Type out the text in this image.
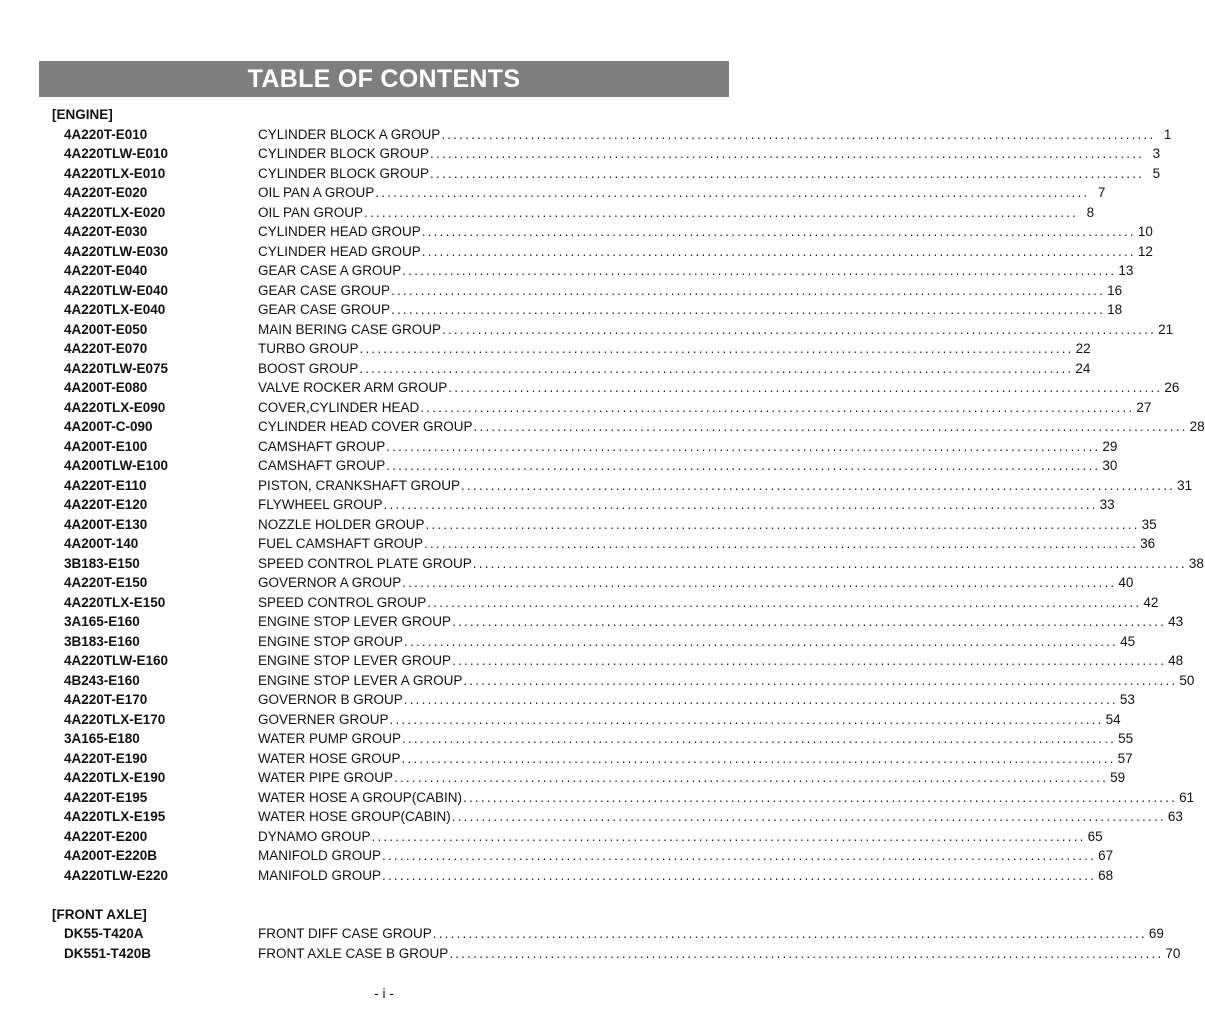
TABLE OF CONTENTS
[ENGINE]
4A220T-E010	CYLINDER BLOCK A GROUP ........................................................................................................................ 1
4A220TLW-E010	CYLINDER BLOCK GROUP ........................................................................................................................ 3
4A220TLX-E010	CYLINDER BLOCK GROUP ........................................................................................................................ 5
4A220T-E020	OIL PAN A GROUP ........................................................................................................................ 7
4A220TLX-E020	OIL PAN GROUP ........................................................................................................................ 8
4A220T-E030	CYLINDER HEAD GROUP ........................................................................................................................ 10
4A220TLW-E030	CYLINDER HEAD GROUP ........................................................................................................................ 12
4A220T-E040	GEAR CASE A GROUP ........................................................................................................................ 13
4A220TLW-E040	GEAR CASE GROUP ........................................................................................................................ 16
4A220TLX-E040	GEAR CASE GROUP ........................................................................................................................ 18
4A200T-E050	MAIN BERING CASE GROUP ........................................................................................................................ 21
4A220T-E070	TURBO GROUP ........................................................................................................................ 22
4A220TLW-E075	BOOST GROUP ........................................................................................................................ 24
4A200T-E080	VALVE ROCKER ARM GROUP ........................................................................................................................ 26
4A220TLX-E090	COVER,CYLINDER HEAD ........................................................................................................................ 27
4A200T-C-090	CYLINDER HEAD COVER GROUP ........................................................................................................................ 28
4A200T-E100	CAMSHAFT GROUP ........................................................................................................................ 29
4A200TLW-E100	CAMSHAFT GROUP ........................................................................................................................ 30
4A220T-E110	PISTON, CRANKSHAFT GROUP ........................................................................................................................ 31
4A220T-E120	FLYWHEEL GROUP ........................................................................................................................ 33
4A200T-E130	NOZZLE HOLDER GROUP ........................................................................................................................ 35
4A200T-140	FUEL CAMSHAFT GROUP ........................................................................................................................ 36
3B183-E150	SPEED CONTROL PLATE GROUP ........................................................................................................................ 38
4A220T-E150	GOVERNOR A GROUP ........................................................................................................................ 40
4A220TLX-E150	SPEED CONTROL GROUP ........................................................................................................................ 42
3A165-E160	ENGINE STOP LEVER GROUP ........................................................................................................................ 43
3B183-E160	ENGINE STOP GROUP ........................................................................................................................ 45
4A220TLW-E160	ENGINE STOP LEVER GROUP ........................................................................................................................ 48
4B243-E160	ENGINE STOP LEVER A GROUP ........................................................................................................................ 50
4A220T-E170	GOVERNOR B GROUP ........................................................................................................................ 53
4A220TLX-E170	GOVERNER GROUP ........................................................................................................................ 54
3A165-E180	WATER PUMP GROUP ........................................................................................................................ 55
4A220T-E190	WATER HOSE GROUP ........................................................................................................................ 57
4A220TLX-E190	WATER PIPE GROUP ........................................................................................................................ 59
4A220T-E195	WATER HOSE A GROUP(CABIN) ........................................................................................................................ 61
4A220TLX-E195	WATER HOSE GROUP(CABIN) ........................................................................................................................ 63
4A220T-E200	DYNAMO GROUP ........................................................................................................................ 65
4A200T-E220B	MANIFOLD GROUP ........................................................................................................................ 67
4A220TLW-E220	MANIFOLD GROUP ........................................................................................................................ 68
[FRONT AXLE]
DK55-T420A	FRONT DIFF CASE GROUP ........................................................................................................................ 69
DK551-T420B	FRONT AXLE CASE B GROUP ........................................................................................................................ 70
- i -
